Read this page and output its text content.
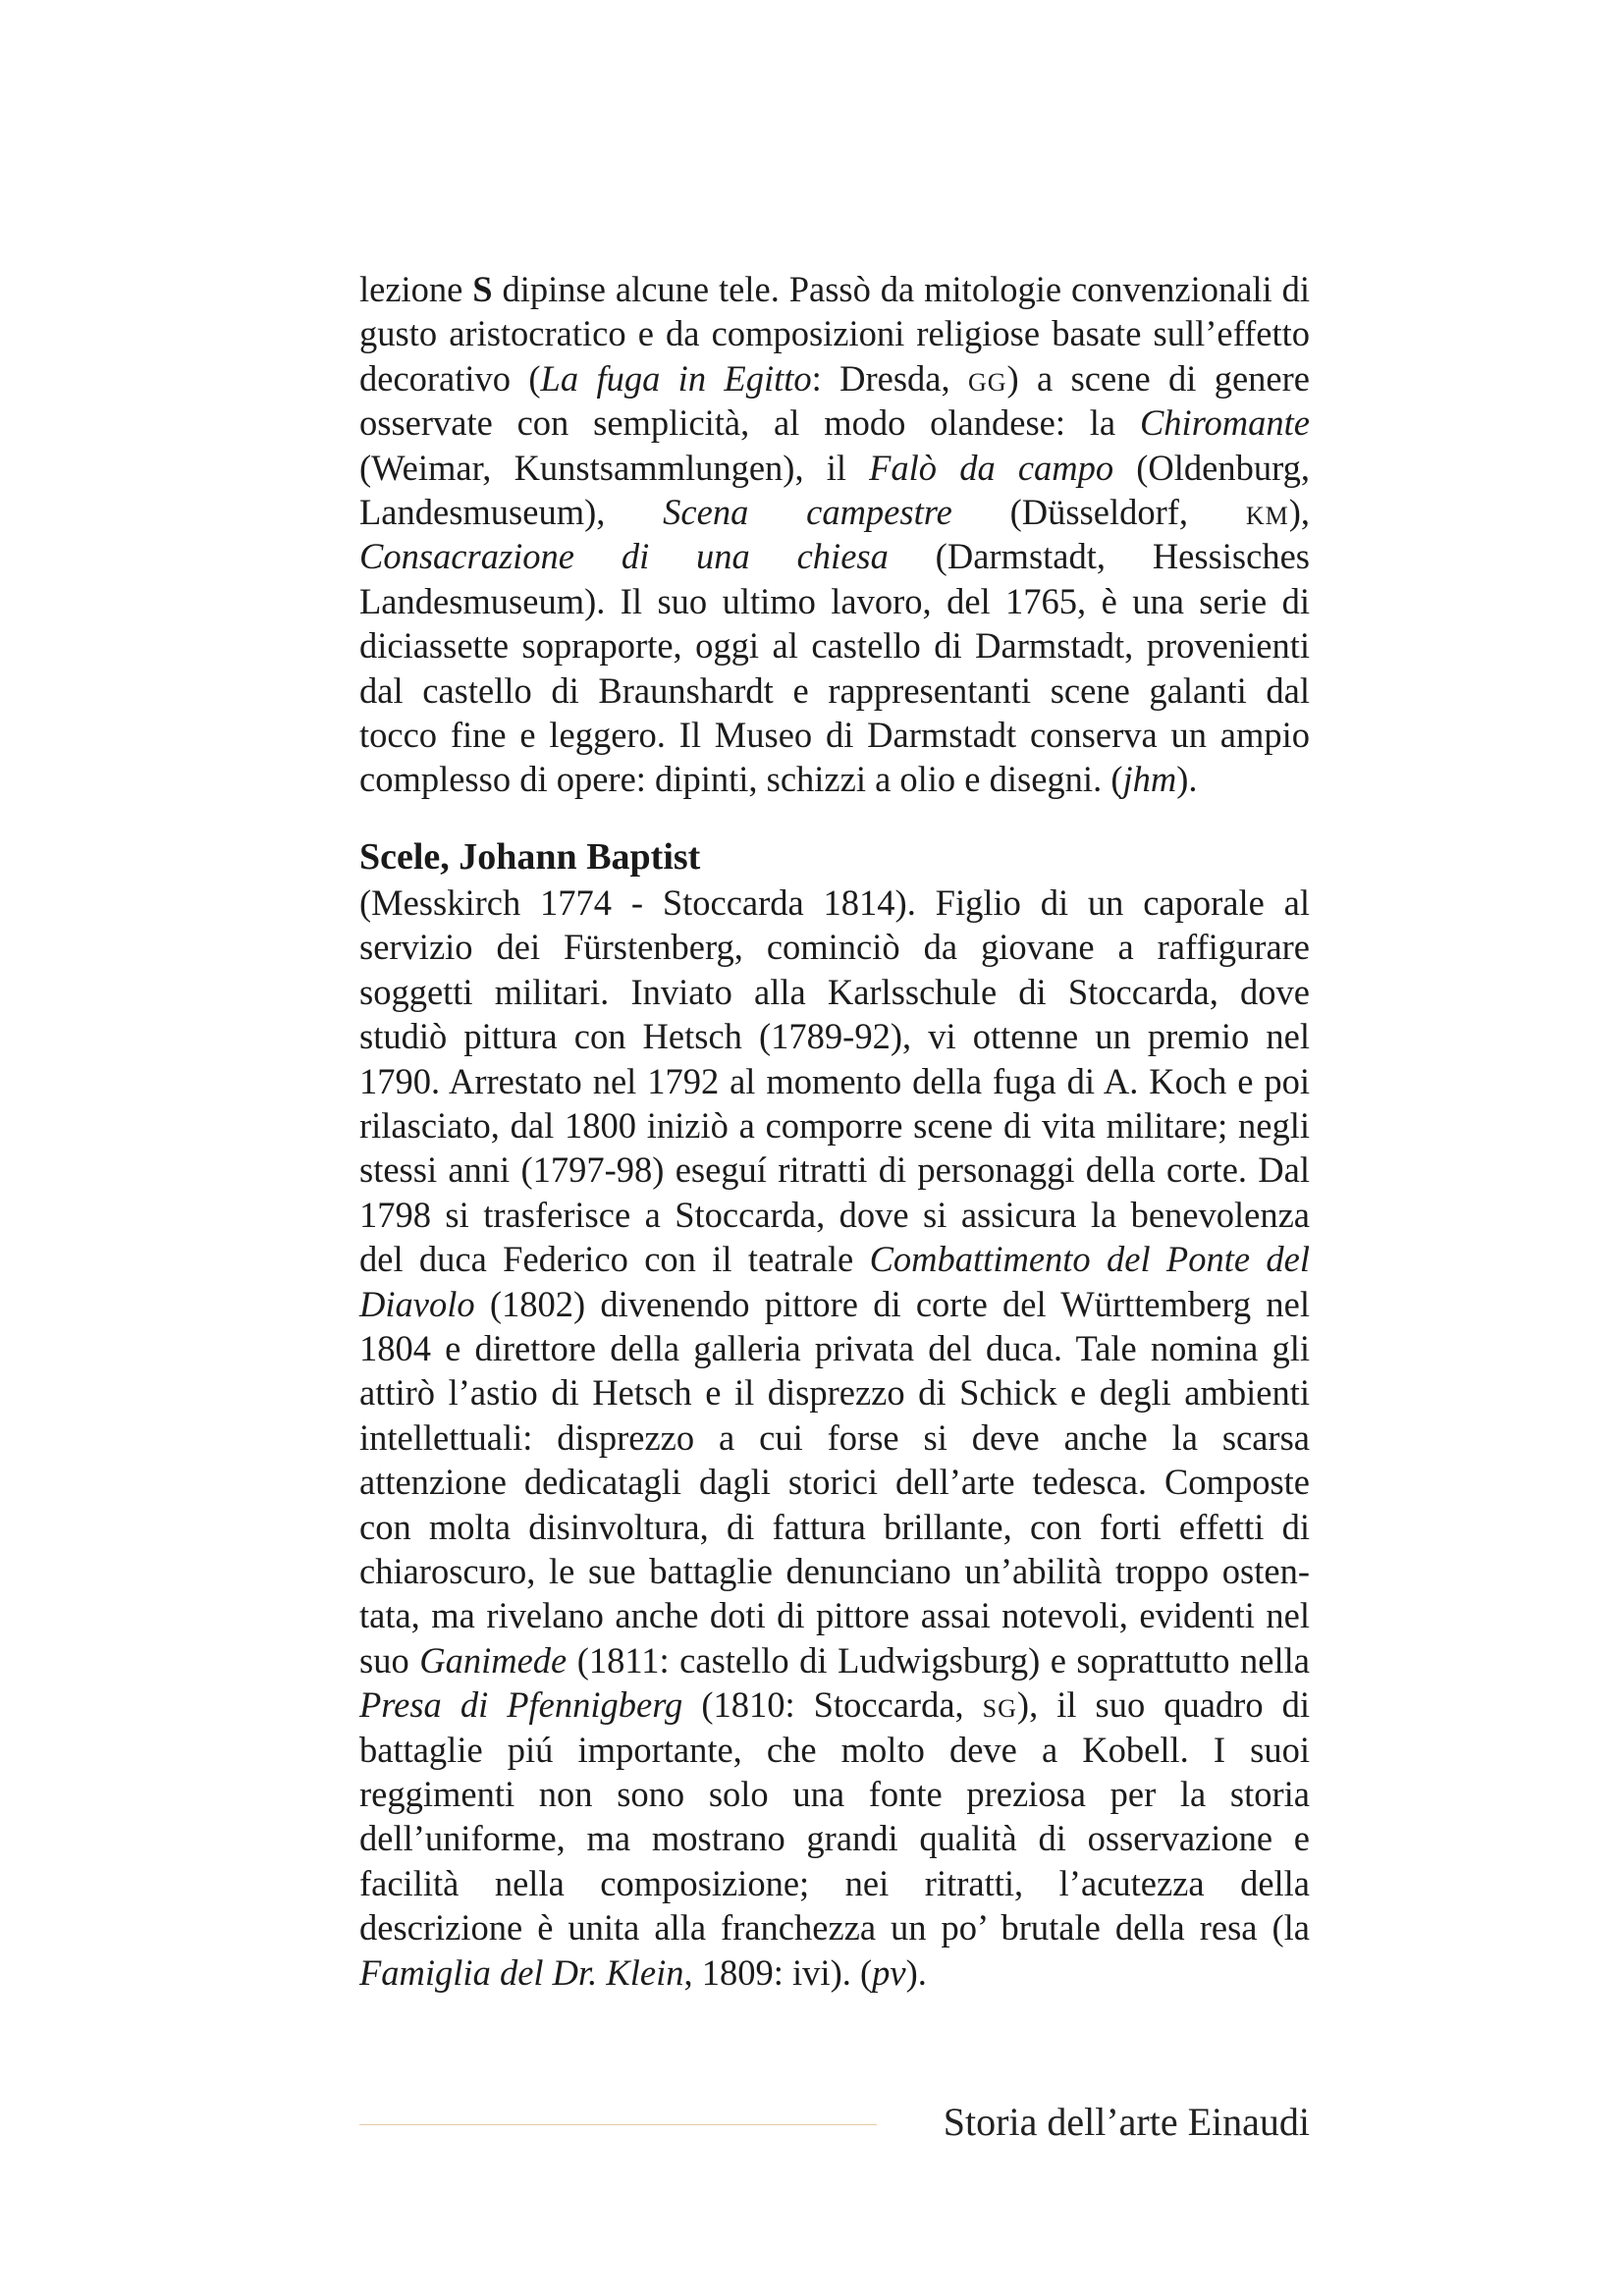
lezione S dipinse alcune tele. Passò da mitologie convenzionali di gusto aristocratico e da composizioni religiose basate sull’effetto decorativo (La fuga in Egitto: Dresda, gg) a scene di genere osservate con semplicità, al modo olandese: la Chiromante (Weimar, Kunstsammlungen), il Falò da campo (Oldenburg, Landesmuseum), Scena campestre (Düsseldorf, km), Consacrazione di una chiesa (Darmstadt, Hessisches Landesmuseum). Il suo ultimo lavoro, del 1765, è una serie di diciassette sopraporte, oggi al castello di Darmstadt, provenienti dal castello di Braunshardt e rappresentanti scene galanti dal tocco fine e leggero. Il Museo di Darmstadt conserva un ampio complesso di opere: dipinti, schizzi a olio e disegni. (jhm).

Scele, Johann Baptist

(Messkirch 1774 - Stoccarda 1814). Figlio di un caporale al servizio dei Fürstenberg, cominciò da giovane a raffigurare soggetti militari. Inviato alla Karlsschule di Stoccarda, dove studiò pittura con Hetsch (1789-92), vi ottenne un premio nel 1790. Arrestato nel 1792 al momento della fuga di A. Koch e poi rilasciato, dal 1800 iniziò a comporre scene di vita militare; negli stessi anni (1797-98) eseguí ritratti di personaggi della corte. Dal 1798 si trasferisce a Stoccarda, dove si assicura la benevolenza del duca Federico con il teatrale Combattimento del Ponte del Diavolo (1802) divenendo pittore di corte del Württemberg nel 1804 e direttore della galleria privata del duca. Tale nomina gli attirò l’astio di Hetsch e il disprezzo di Schick e degli ambienti intellettuali: disprezzo a cui forse si deve anche la scarsa attenzione dedicatagli dagli storici dell’arte tedesca. Composte con molta disinvoltura, di fattura brillante, con forti effetti di chiaroscuro, le sue battaglie denunciano un’abilità troppo ostentata, ma rivelano anche doti di pittore assai notevoli, evidenti nel suo Ganimede (1811: castello di Ludwigsburg) e soprattutto nella Presa di Pfennigberg (1810: Stoccarda, sg), il suo quadro di battaglie piú importante, che molto deve a Kobell. I suoi reggimenti non sono solo una fonte preziosa per la storia dell’uniforme, ma mostrano grandi qualità di osservazione e facilità nella composizione; nei ritratti, l’acutezza della descrizione è unita alla franchezza un po’ brutale della resa (la Famiglia del Dr. Klein, 1809: ivi). (pv).

Storia dell’arte Einaudi
